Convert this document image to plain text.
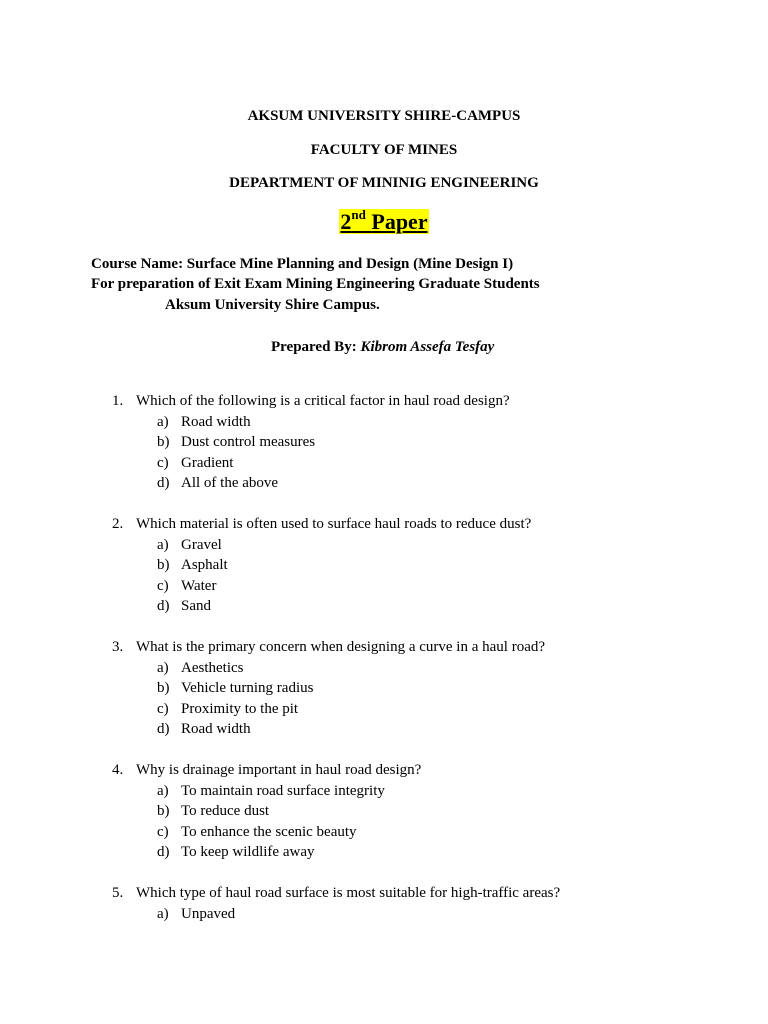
AKSUM UNIVERSITY SHIRE-CAMPUS
FACULTY OF MINES
DEPARTMENT OF MININIG ENGINEERING
2nd Paper
Course Name: Surface Mine Planning and Design (Mine Design I)
For preparation of Exit Exam Mining Engineering Graduate Students
Aksum University Shire Campus.
Prepared By: Kibrom Assefa Tesfay
1. Which of the following is a critical factor in haul road design?
a) Road width
b) Dust control measures
c) Gradient
d) All of the above
2. Which material is often used to surface haul roads to reduce dust?
a) Gravel
b) Asphalt
c) Water
d) Sand
3. What is the primary concern when designing a curve in a haul road?
a) Aesthetics
b) Vehicle turning radius
c) Proximity to the pit
d) Road width
4. Why is drainage important in haul road design?
a) To maintain road surface integrity
b) To reduce dust
c) To enhance the scenic beauty
d) To keep wildlife away
5. Which type of haul road surface is most suitable for high-traffic areas?
a) Unpaved
